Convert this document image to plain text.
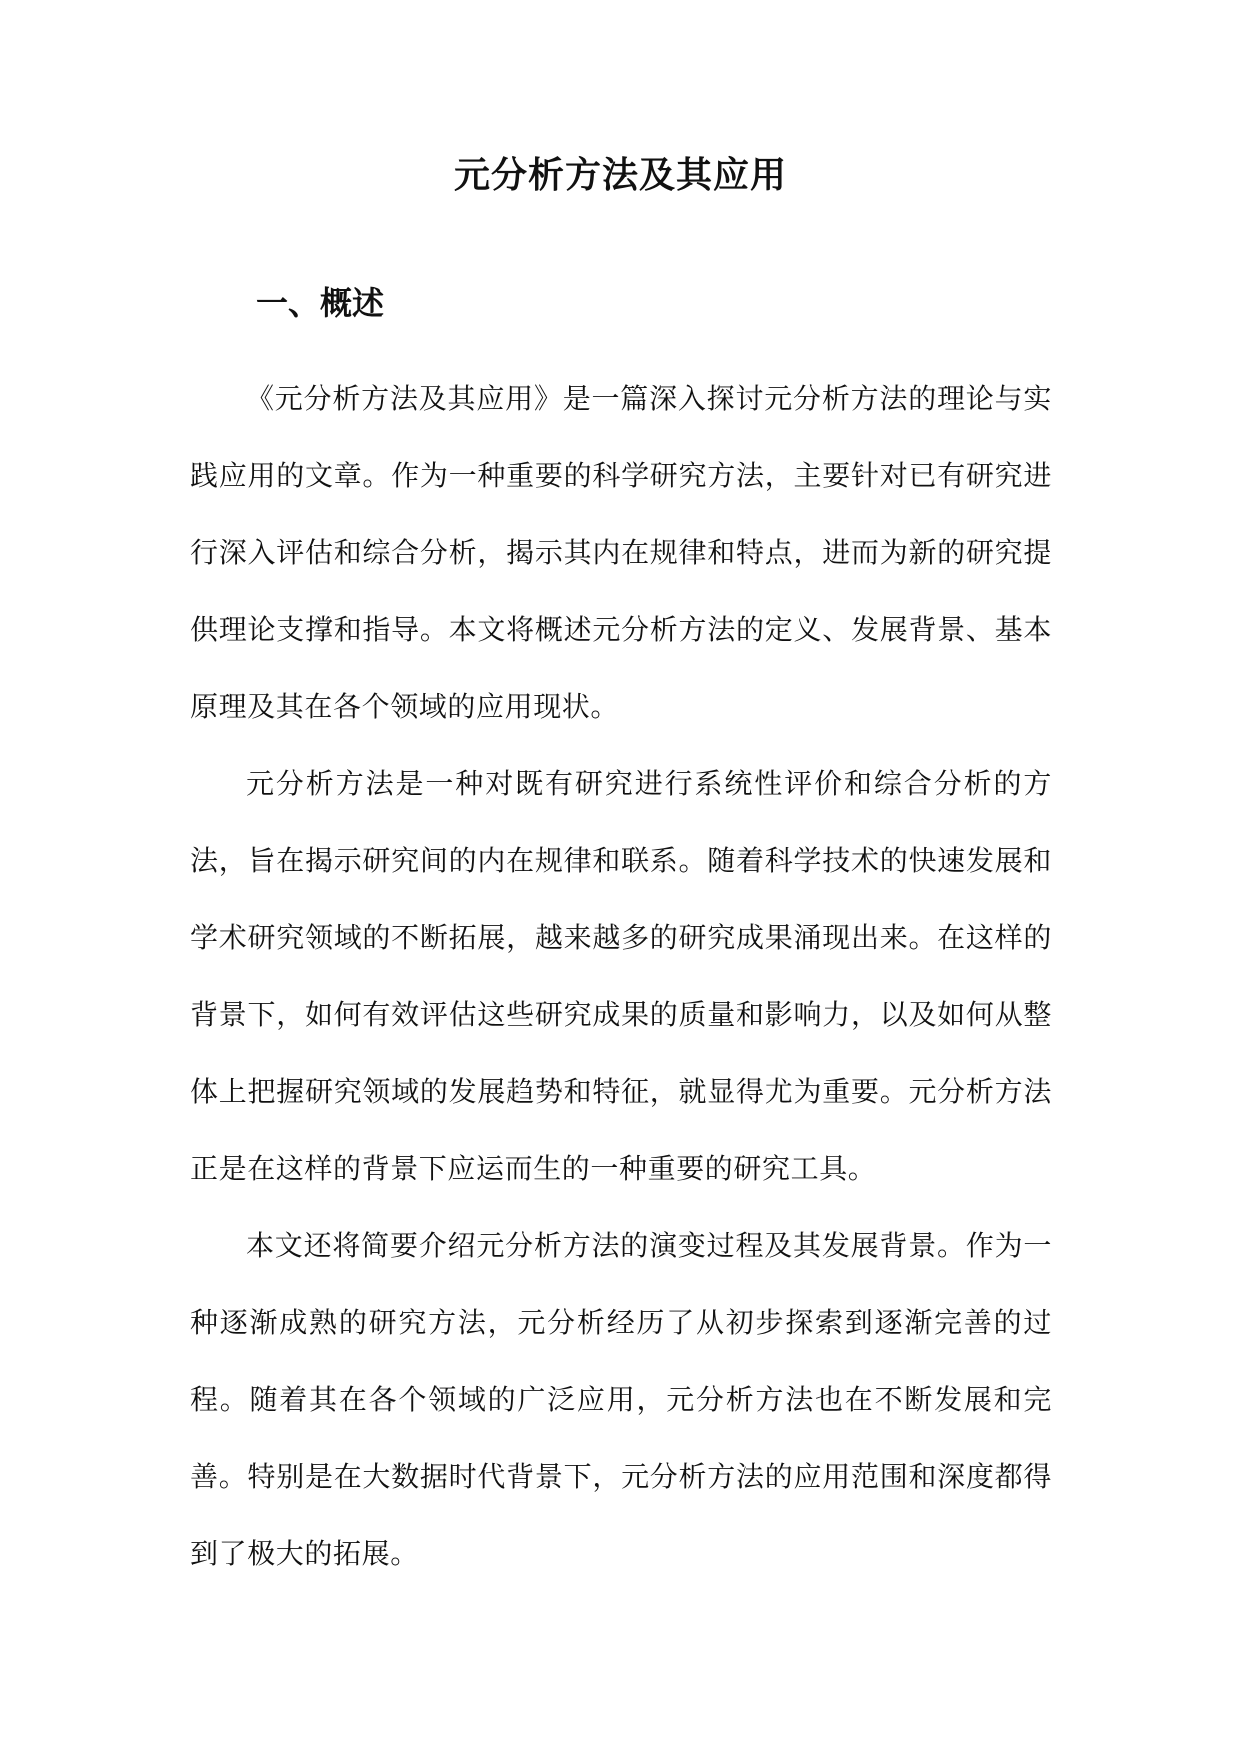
元分析方法及其应用
一、概述

《元分析方法及其应用》是一篇深入探讨元分析方法的理论与实践应用的文章。作为一种重要的科学研究方法，主要针对已有研究进行深入评估和综合分析，揭示其内在规律和特点，进而为新的研究提供理论支撑和指导。本文将概述元分析方法的定义、发展背景、基本原理及其在各个领域的应用现状。

元分析方法是一种对既有研究进行系统性评价和综合分析的方法，旨在揭示研究间的内在规律和联系。随着科学技术的快速发展和学术研究领域的不断拓展，越来越多的研究成果涌现出来。在这样的背景下，如何有效评估这些研究成果的质量和影响力，以及如何从整体上把握研究领域的发展趋势和特征，就显得尤为重要。元分析方法正是在这样的背景下应运而生的一种重要的研究工具。

本文还将简要介绍元分析方法的演变过程及其发展背景。作为一种逐渐成熟的研究方法，元分析经历了从初步探索到逐渐完善的过程。随着其在各个领域的广泛应用，元分析方法也在不断发展和完善。特别是在大数据时代背景下，元分析方法的应用范围和深度都得到了极大的拓展。
